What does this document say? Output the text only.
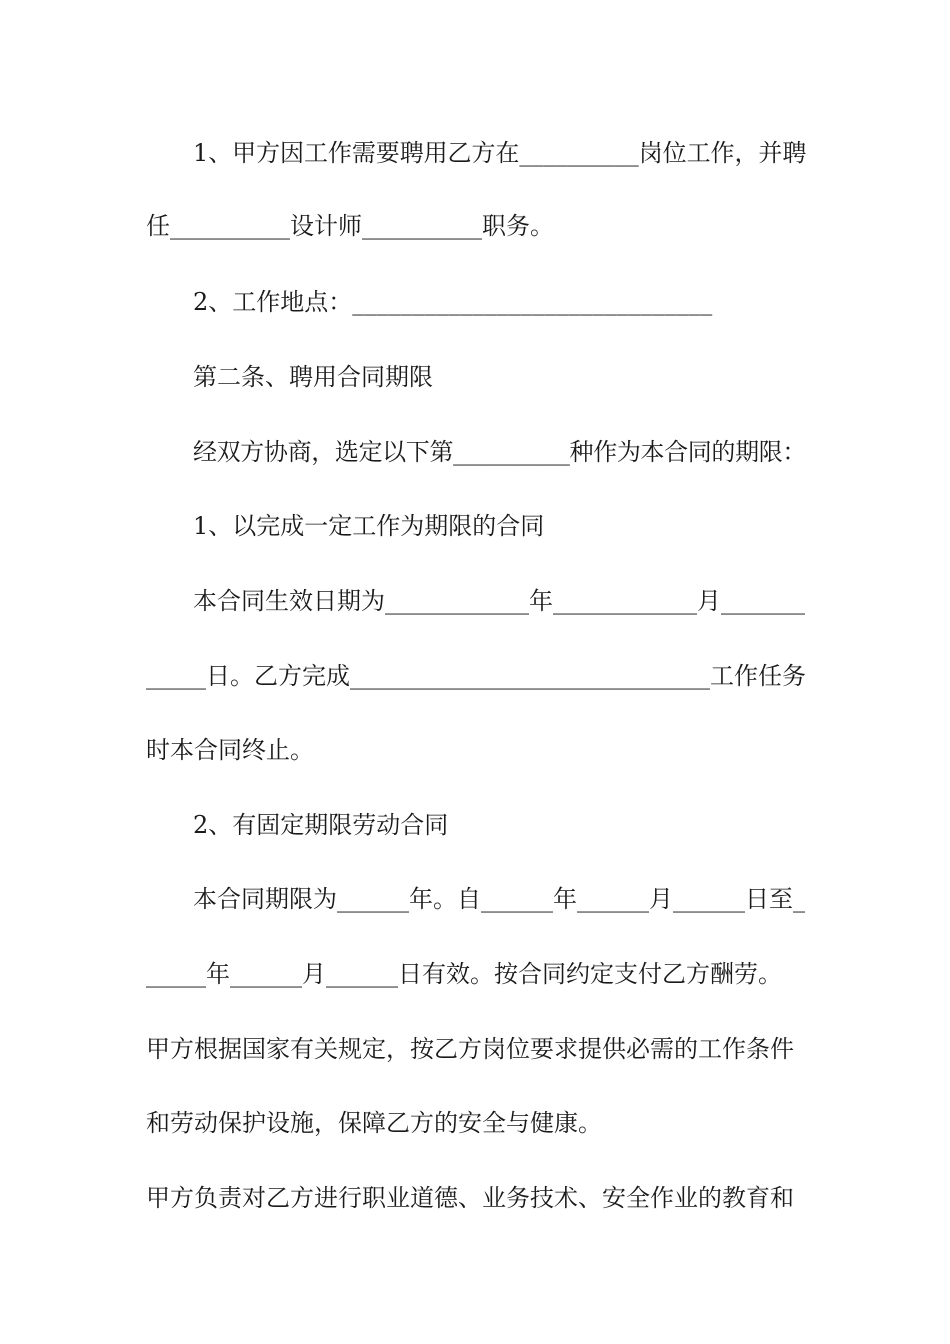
1、甲方因工作需要聘用乙方在__________岗位工作，并聘
任__________设计师__________职务。
2、工作地点：______________________________
第二条、聘用合同期限
经双方协商，选定以下第__________种作为本合同的期限：
1、以完成一定工作为期限的合同
本合同生效日期为____________年____________月_______
_____日。乙方完成______________________________工作任务
时本合同终止。
2、有固定期限劳动合同
本合同期限为______年。自______年______月______日至_
_____年______月______日有效。按合同约定支付乙方酬劳。
甲方根据国家有关规定，按乙方岗位要求提供必需的工作条件
和劳动保护设施，保障乙方的安全与健康。
甲方负责对乙方进行职业道德、业务技术、安全作业的教育和
